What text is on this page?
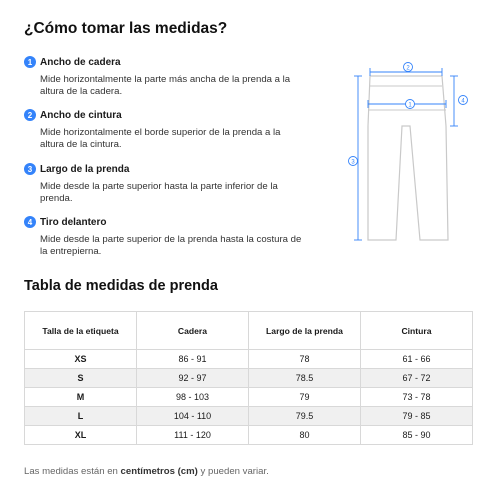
¿Cómo tomar las medidas?
1 Ancho de cadera
Mide horizontalmente la parte más ancha de la prenda a la altura de la cadera.
2 Ancho de cintura
Mide horizontalmente el borde superior de la prenda a la altura de la cintura.
3 Largo de la prenda
Mide desde la parte superior hasta la parte inferior de la prenda.
4 Tiro delantero
Mide desde la parte superior de la prenda hasta la costura de la entrepierna.
2
1
3
4
Tabla de medidas de prenda
Talla de la etiqueta	Cadera	Largo de la prenda	Cintura
XS	86 - 91	78	61 - 66
S	92 - 97	78.5	67 - 72
M	98 - 103	79	73 - 78
L	104 - 110	79.5	79 - 85
XL	111 - 120	80	85 - 90
Las medidas están en centímetros (cm) y pueden variar.
